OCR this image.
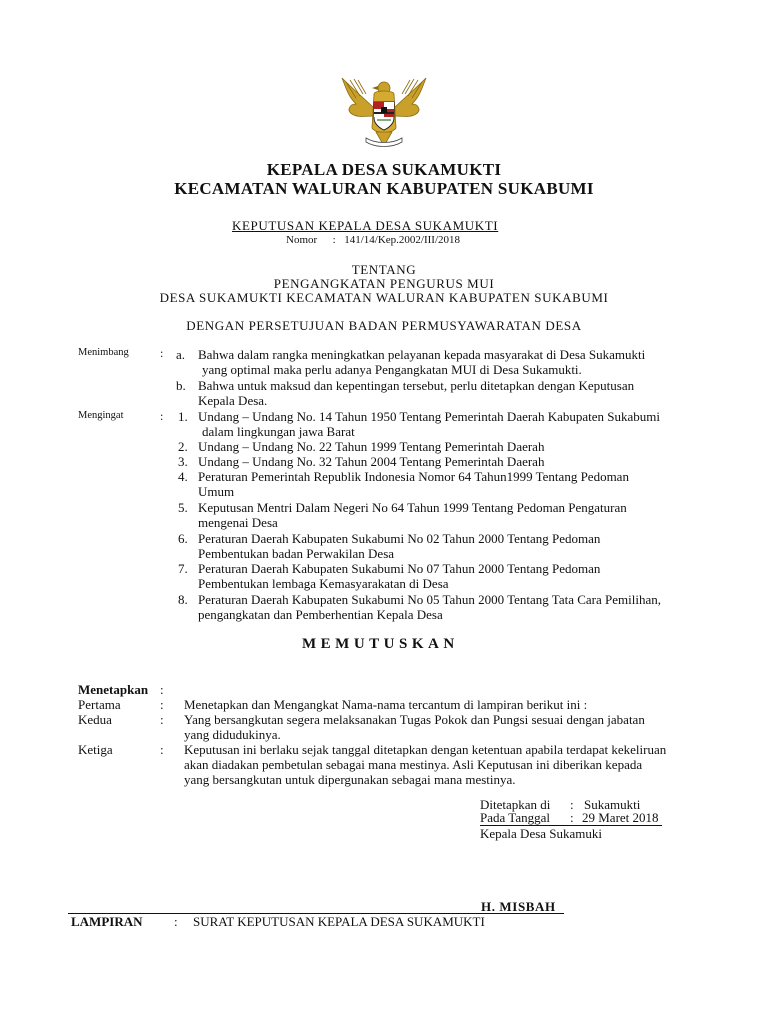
KEPALA DESA SUKAMUKTI
KECAMATAN WALURAN KABUPATEN SUKABUMI
KEPUTUSAN KEPALA DESA SUKAMUKTI
Nomor : 141/14/Kep.2002/III/2018
TENTANG
PENGANGKATAN PENGURUS MUI
DESA SUKAMUKTI KECAMATAN WALURAN KABUPATEN SUKABUMI
DENGAN PERSETUJUAN BADAN PERMUSYAWARATAN DESA
Menimbang	: a. Bahwa dalam rangka meningkatkan pelayanan kepada masyarakat di Desa Sukamukti
yang optimal maka perlu adanya Pengangkatan MUI di Desa Sukamukti.
b. Bahwa untuk maksud dan kepentingan tersebut, perlu ditetapkan dengan Keputusan
Kepala Desa.
Mengingat	: 1. Undang – Undang No. 14 Tahun 1950 Tentang Pemerintah Daerah Kabupaten Sukabumi
dalam lingkungan jawa Barat
2. Undang – Undang No. 22 Tahun 1999 Tentang Pemerintah Daerah
3. Undang – Undang No. 32 Tahun 2004 Tentang Pemerintah Daerah
4. Peraturan Pemerintah Republik Indonesia Nomor 64 Tahun1999 Tentang Pedoman
Umum
5. Keputusan Mentri Dalam Negeri No 64 Tahun 1999 Tentang Pedoman Pengaturan
mengenai Desa
6. Peraturan Daerah Kabupaten Sukabumi No 02 Tahun 2000 Tentang Pedoman
Pembentukan badan Perwakilan Desa
7. Peraturan Daerah Kabupaten Sukabumi No 07 Tahun 2000 Tentang Pedoman
Pembentukan lembaga Kemasyarakatan di Desa
8. Peraturan Daerah Kabupaten Sukabumi No 05 Tahun 2000 Tentang Tata Cara Pemilihan,
pengangkatan dan Pemberhentian Kepala Desa
MEMUTUSKAN
Menetapkan :
Pertama	: Menetapkan dan Mengangkat Nama-nama tercantum di lampiran berikut ini :
Kedua	: Yang bersangkutan segera melaksanakan Tugas Pokok dan Pungsi sesuai dengan jabatan
yang didudukinya.
Ketiga	: Keputusan ini berlaku sejak tanggal ditetapkan dengan ketentuan apabila terdapat kekeliruan
akan diadakan pembetulan sebagai mana mestinya. Asli Keputusan ini diberikan kepada
yang bersangkutan untuk dipergunakan sebagai mana mestinya.
Ditetapkan di : Sukamukti
Pada Tanggal : 29 Maret 2018
Kepala Desa Sukamuki
H. MISBAH
LAMPIRAN : SURAT KEPUTUSAN KEPALA DESA SUKAMUKTI
